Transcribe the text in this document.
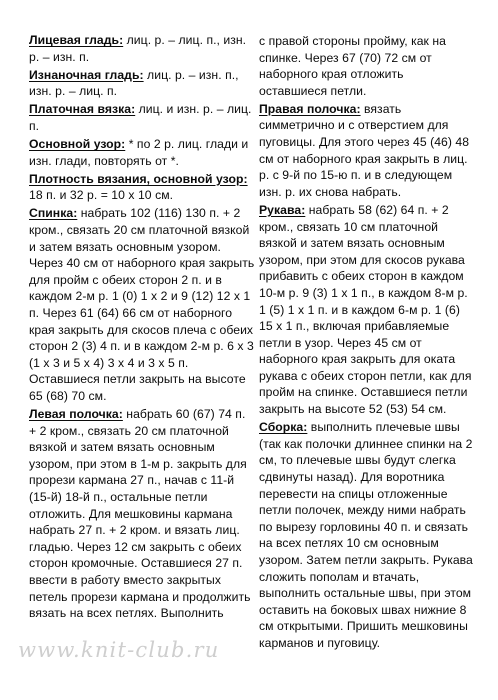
Лицевая гладь: лиц. р. – лиц. п., изн. р. – изн. п.

Изнаночная гладь: лиц. р. – изн. п., изн. р. – лиц. п.

Платочная вязка: лиц. и изн. р. – лиц. п.

Основной узор: * по 2 р. лиц. глади и изн. глади, повторять от *.

Плотность вязания, основной узор: 18 п. и 32 р. = 10 х 10 см.

Спинка: набрать 102 (116) 130 п. + 2 кром., связать 20 см платочной вязкой и затем вязать основным узором. Через 40 см от наборного края закрыть для пройм с обеих сторон 2 п. и в каждом 2-м р. 1 (0) 1 х 2 и 9 (12) 12 х 1 п. Через 61 (64) 66 см от наборного края закрыть для скосов плеча с обеих сторон 2 (3) 4 п. и в каждом 2-м р. 6 х 3 (1 х 3 и 5 х 4) 3 х 4 и 3 х 5 п. Оставшиеся петли закрыть на высоте 65 (68) 70 см.

Левая полочка: набрать 60 (67) 74 п. + 2 кром., связать 20 см платочной вязкой и затем вязать основным узором, при этом в 1-м р. закрыть для прорези кармана 27 п., начав с 11-й (15-й) 18-й п., остальные петли отложить. Для мешковины кармана набрать 27 п. + 2 кром. и вязать лиц. гладью. Через 12 см закрыть с обеих сторон кромочные. Оставшиеся 27 п. ввести в работу вместо закрытых петель прорези кармана и продолжить вязать на всех петлях. Выполнить

с правой стороны пройму, как на спинке. Через 67 (70) 72 см от наборного края отложить оставшиеся петли.

Правая полочка: вязать симметрично и с отверстием для пуговицы. Для этого через 45 (46) 48 см от наборного края закрыть в лиц. р. с 9-й по 15-ю п. и в следующем изн. р. их снова набрать.

Рукава: набрать 58 (62) 64 п. + 2 кром., связать 10 см платочной вязкой и затем вязать основным узором, при этом для скосов рукава прибавить с обеих сторон в каждом 10-м р. 9 (3) 1 х 1 п., в каждом 8-м р. 1 (5) 1 х 1 п. и в каждом 6-м р. 1 (6) 15 х 1 п., включая прибавляемые петли в узор. Через 45 см от наборного края закрыть для оката рукава с обеих сторон петли, как для пройм на спинке. Оставшиеся петли закрыть на высоте 52 (53) 54 см.

Сборка: выполнить плечевые швы (так как полочки длиннее спинки на 2 см, то плечевые швы будут слегка сдвинуты назад). Для воротника перевести на спицы отложенные петли полочек, между ними набрать по вырезу горловины 40 п. и связать на всех петлях 10 см основным узором. Затем петли закрыть. Рукава сложить пополам и втачать, выполнить остальные швы, при этом оставить на боковых швах нижние 8 см открытыми. Пришить мешковины карманов и пуговицу.

www.knit-club.ru
